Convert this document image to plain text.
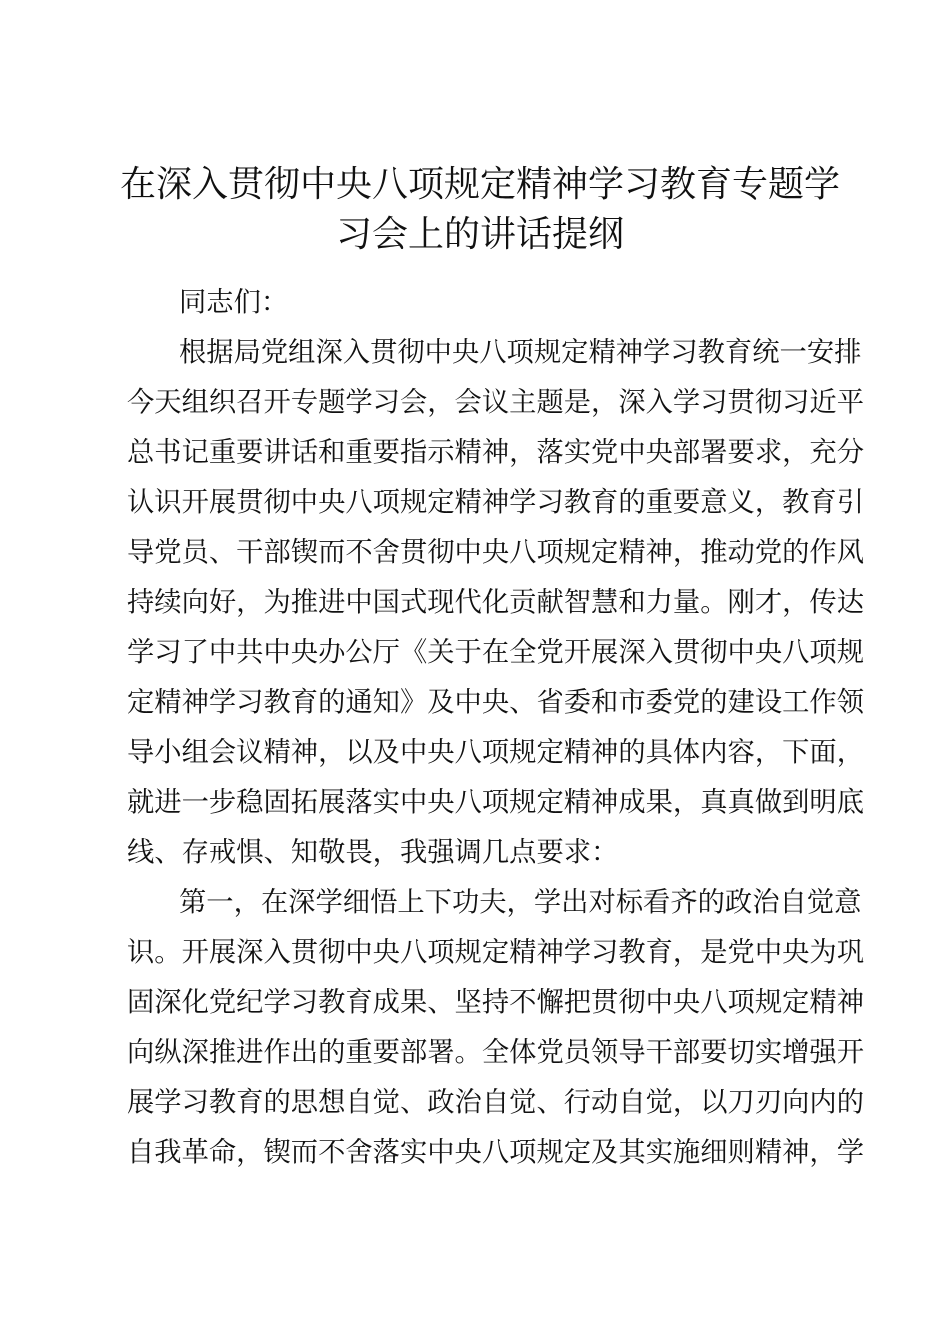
在深入贯彻中央八项规定精神学习教育专题学
习会上的讲话提纲
同志们：
根据局党组深入贯彻中央八项规定精神学习教育统一安排
今天组织召开专题学习会，会议主题是，深入学习贯彻习近平
总书记重要讲话和重要指示精神，落实党中央部署要求，充分
认识开展贯彻中央八项规定精神学习教育的重要意义，教育引
导党员、干部锲而不舍贯彻中央八项规定精神，推动党的作风
持续向好，为推进中国式现代化贡献智慧和力量。刚才，传达
学习了中共中央办公厅《关于在全党开展深入贯彻中央八项规
定精神学习教育的通知》及中央、省委和市委党的建设工作领
导小组会议精神，以及中央八项规定精神的具体内容，下面，
就进一步稳固拓展落实中央八项规定精神成果，真真做到明底
线、存戒惧、知敬畏，我强调几点要求：
第一，在深学细悟上下功夫，学出对标看齐的政治自觉意
识。开展深入贯彻中央八项规定精神学习教育，是党中央为巩
固深化党纪学习教育成果、坚持不懈把贯彻中央八项规定精神
向纵深推进作出的重要部署。全体党员领导干部要切实增强开
展学习教育的思想自觉、政治自觉、行动自觉，以刀刃向内的
自我革命，锲而不舍落实中央八项规定及其实施细则精神，学
